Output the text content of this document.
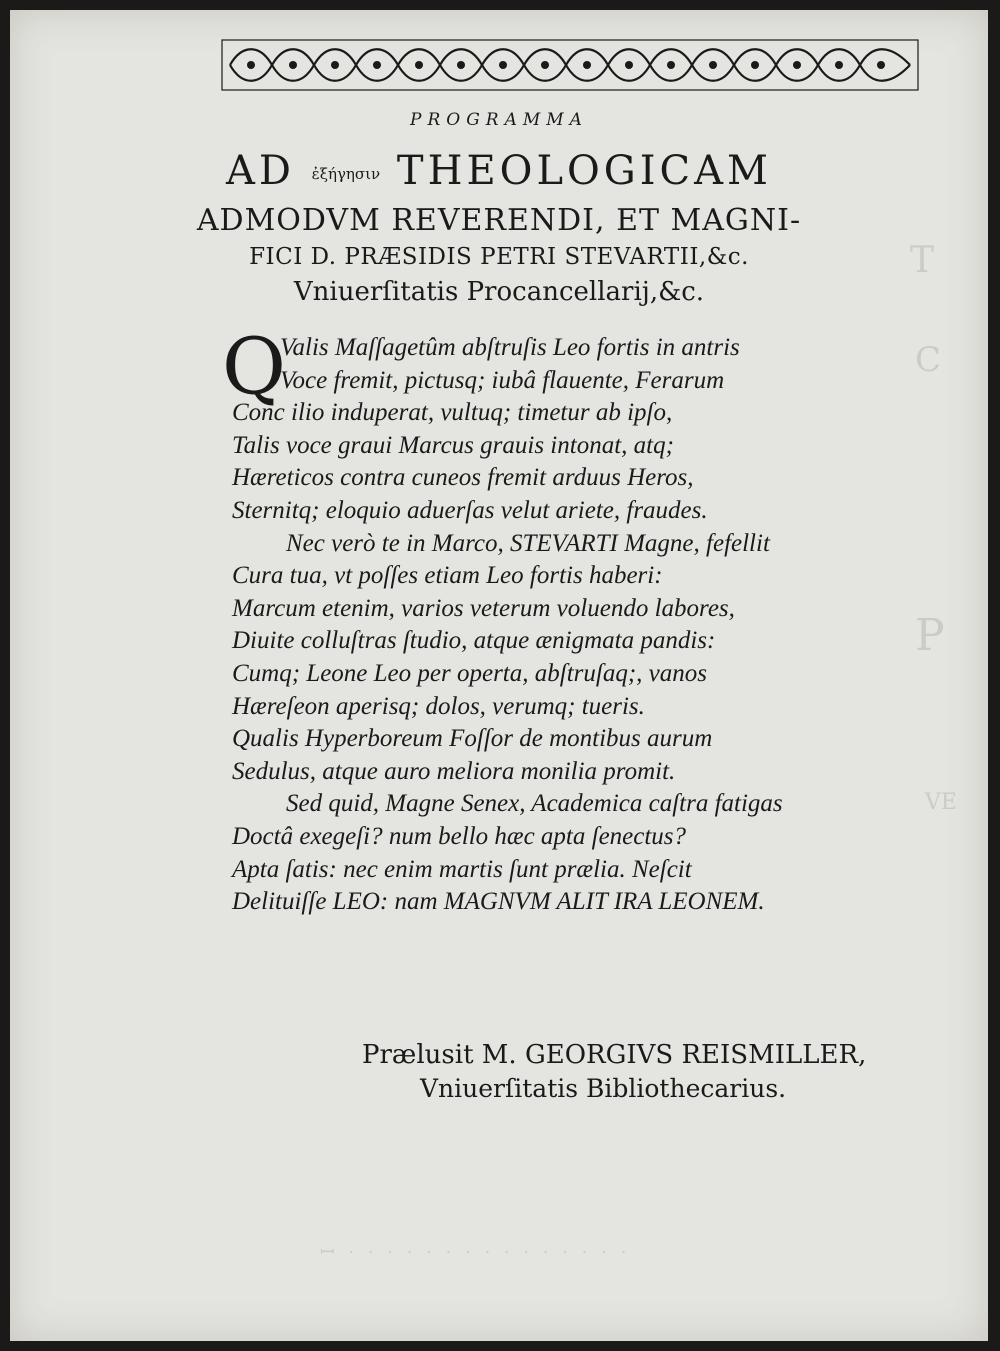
T
C
P
VE
ꟷ · · · · · · · · · · · · · · ·
PROGRAMMA
AD ἐξήγησιν THEOLOGICAM
ADMODVM REVERENDI, ET MAGNI-
FICI D. PRÆSIDIS PETRI STEVARTII,&c.
Vniuerſitatis Procancellarij,&c.
Q
Valis Maſſagetûm abſtruſis Leo fortis in antris
Voce fremit, pictusq; iubâ flauente, Ferarum
Conc ilio induperat, vultuq; timetur ab ipſo,
Talis voce graui Marcus grauis intonat, atq;
Hæreticos contra cuneos fremit arduus Heros,
Sternitq; eloquio aduerſas velut ariete, fraudes.
Nec verò te in Marco, STEVARTI Magne, fefellit
Cura tua, vt poſſes etiam Leo fortis haberi:
Marcum etenim, varios veterum voluendo labores,
Diuite colluſtras ſtudio, atque ænigmata pandis:
Cumq; Leone Leo per operta, abſtruſaq;, vanos
Hæreſeon aperisq; dolos, verumq; tueris.
Qualis Hyperboreum Foſſor de montibus aurum
Sedulus, atque auro meliora monilia promit.
Sed quid, Magne Senex, Academica caſtra fatigas
Doctâ exegeſi? num bello hæc apta ſenectus?
Apta ſatis: nec enim martis ſunt prælia. Neſcit
Delituiſſe LEO: nam MAGNVM ALIT IRA LEONEM.
Prælusit M. GEORGIVS REISMILLER,
Vniuerſitatis Bibliothecarius.
